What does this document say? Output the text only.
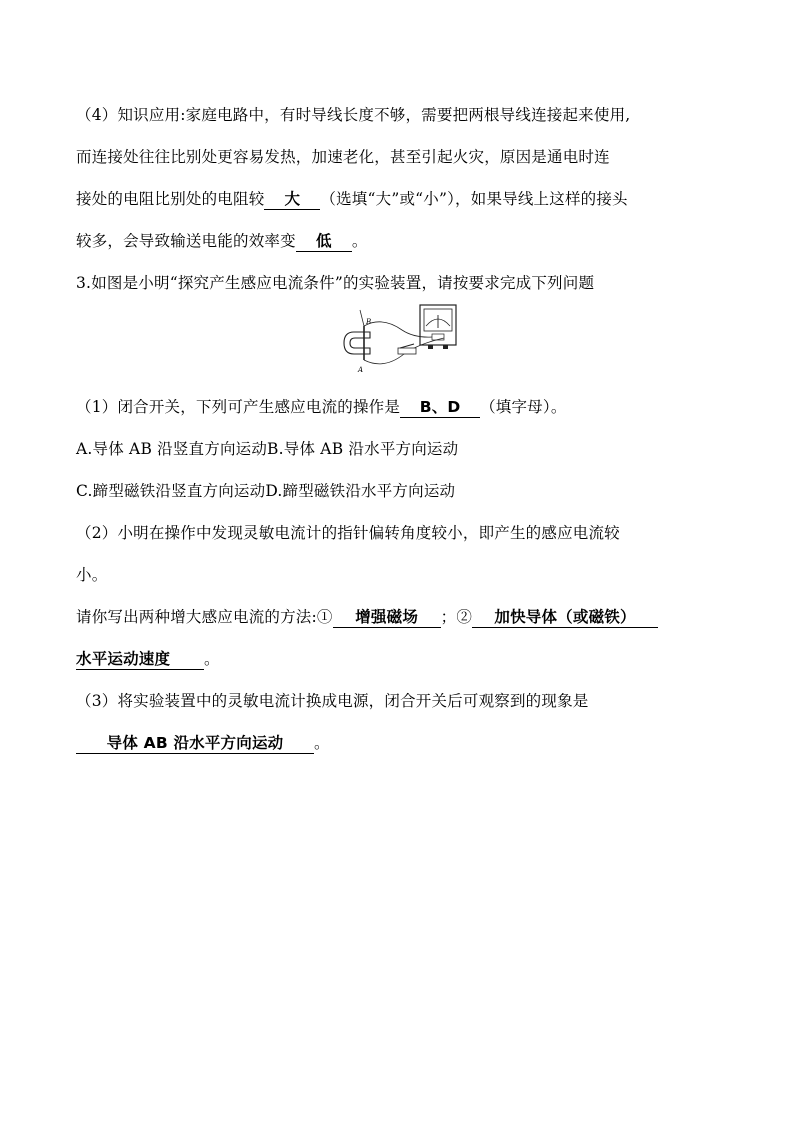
（4）知识应用:家庭电路中，有时导线长度不够，需要把两根导线连接起来使用,
而连接处往往比别处更容易发热，加速老化，甚至引起火灾，原因是通电时连
接处的电阻比别处的电阻较 大 （选填“大”或“小”），如果导线上这样的接头
较多，会导致输送电能的效率变 低 。
3.如图是小明“探究产生感应电流条件”的实验装置，请按要求完成下列问题
B
A
（1）闭合开关，下列可产生感应电流的操作是 B、D （填字母）。
A.导体 AB 沿竖直方向运动B.导体 AB 沿水平方向运动
C.蹄型磁铁沿竖直方向运动D.蹄型磁铁沿水平方向运动
（2）小明在操作中发现灵敏电流计的指针偏转角度较小，即产生的感应电流较
小。
请你写出两种增大感应电流的方法:① 增强磁场 ；② 加快导体（或磁铁）
水平运动速度 。
（3）将实验装置中的灵敏电流计换成电源，闭合开关后可观察到的现象是
导体 AB 沿水平方向运动 。
